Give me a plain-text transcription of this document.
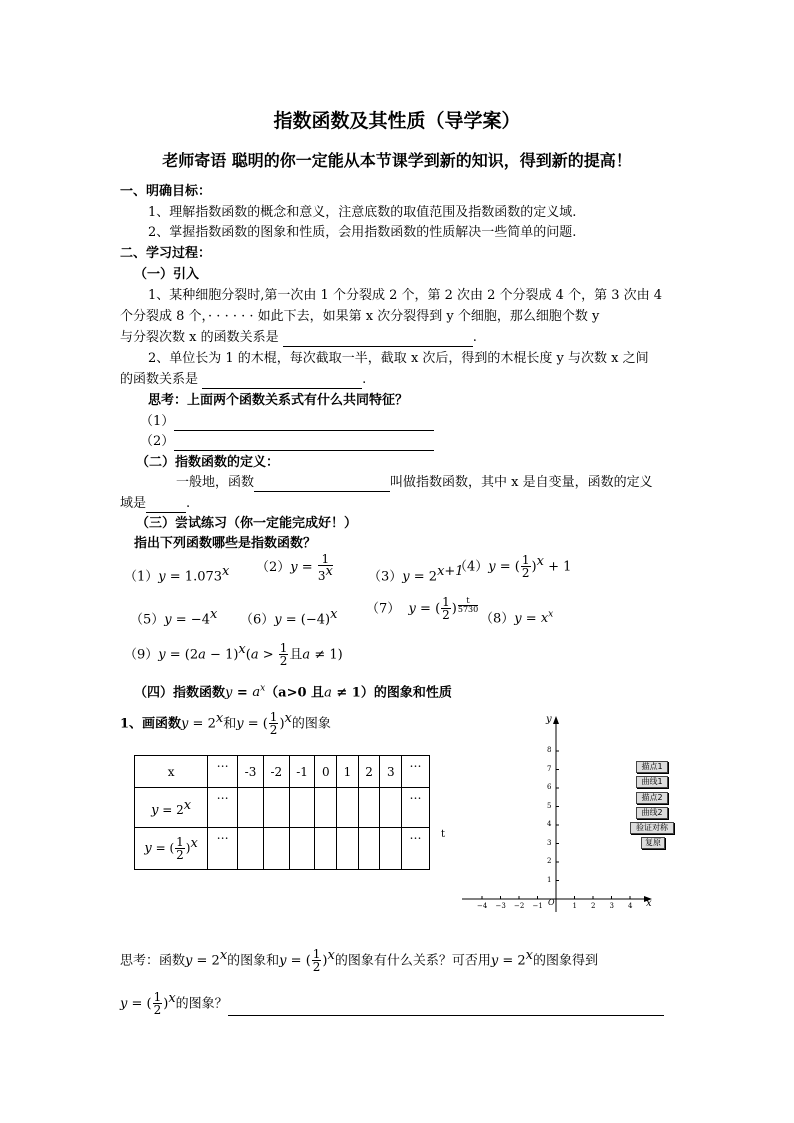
指数函数及其性质（导学案）
老师寄语 聪明的你一定能从本节课学到新的知识，得到新的提高！
一、明确目标：
1、理解指数函数的概念和意义，注意底数的取值范围及指数函数的定义域.
2、掌握指数函数的图象和性质，会用指数函数的性质解决一些简单的问题.
二、学习过程：
（一）引入
1、某种细胞分裂时,第一次由 1 个分裂成 2 个，第 2 次由 2 个分裂成 4 个，第 3 次由 4
个分裂成 8 个，· · · · · · 如此下去，如果第 x 次分裂得到 y 个细胞，那么细胞个数 y
与分裂次数 x 的函数关系是	.
2、单位长为 1 的木棍，每次截取一半，截取 x 次后，得到的木棍长度 y 与次数 x 之间
的函数关系是	.
思考：上面两个函数关系式有什么共同特征？
（1）
（2）
（二）指数函数的定义：
一般地，函数	叫做指数函数，其中 x 是自变量，函数的定义
域是	.
（三）尝试练习（你一定能完成好！）
指出下列函数哪些是指数函数？
$(1)y = 1.073^x$ $(2)y = \frac{1}{3^x}$	$(3)y = 2^{x+1}$
（4）y = ( $\frac{1}{2} )^x + 1$
$(5)y = -4^x$ $(6)y = (-4)^x$ （7） y = ( $\frac{1}{2}$ ) $^{\frac{t}{5730}}$
$(8)y = x^x$
$(9)y = (2a - 1)^x(a > \frac{1}{2}$ 且a ≠ 1)
（四）指数函数$y = a^x(a>0$ 且a ≠ 1）的图象和性质
1、画函数$y = 2^x$和y = ( $\frac{1}{2} )^x$的图象
x	…	-3	-2	-1	0	1	2	3	…
$y = 2^x$	…								…
y = ( $\frac{1}{2} )^x$	…								… t
y
x
O
1
2
3
4
5
6
7
8
−4 −3 −2 −1	1 2 3 4
描点1
曲线1
描点2
曲线2
验证对称
复原
思考：函数$y = 2^x$的图象和y = ( $\frac{1}{2} )^x$的图象有什么关系？可否用$y = 2^x$的图象得到
y = ( $\frac{1}{2} )^x$的图象？
